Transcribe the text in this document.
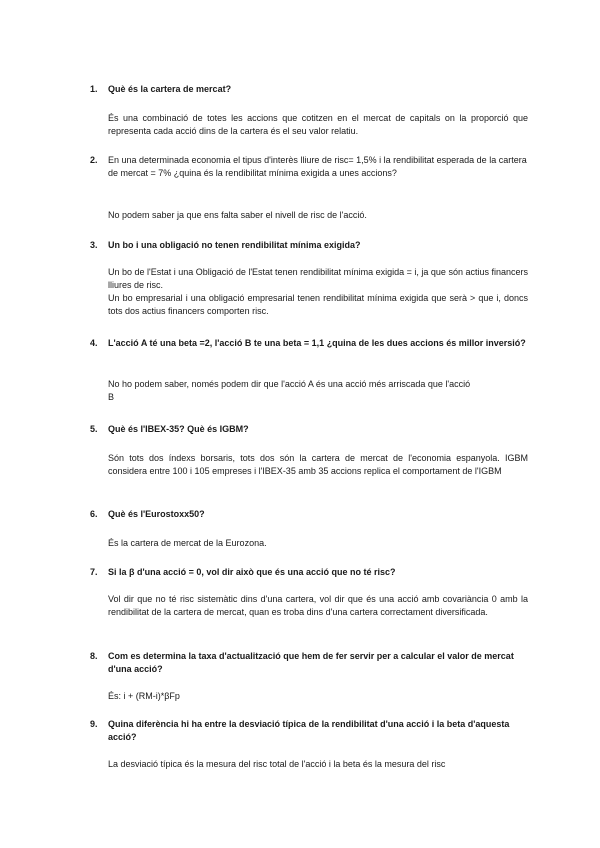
1.	Què és la cartera de mercat?

És una combinació de totes les accions que cotitzen en el mercat de capitals on la proporció que representa cada acció dins de la cartera és el seu valor relatiu.

2.	En una determinada economia el tipus d'interès lliure de risc= 1,5% i la rendibilitat esperada de la cartera de mercat = 7% ¿quina és la rendibilitat mínima exigida a unes accions?

No podem saber ja que ens falta saber el nivell de risc de l'acció.

3.	Un bo i una obligació no tenen rendibilitat mínima exigida?

Un bo de l'Estat i una Obligació de l'Estat tenen rendibilitat mínima exigida = i, ja que són actius financers lliures de risc.

Un bo empresarial i una obligació empresarial tenen rendibilitat mínima exigida que serà > que i, doncs tots dos actius financers comporten risc.

4.	L'acció A té una beta =2, l'acció B te una beta = 1,1 ¿quina de les dues accions és millor inversió?

No ho podem saber, només podem dir que l'acció A és una acció més arriscada que l'acció B

5.	Què és l'IBEX-35? Què és IGBM?

Són tots dos índexs borsaris, tots dos són la cartera de mercat de l'economia espanyola. IGBM considera entre 100 i 105 empreses i l'IBEX-35 amb 35 accions replica el comportament de l'IGBM

6.	Què és l'Eurostoxx50?

És la cartera de mercat de la Eurozona.

7.	Si la β d'una acció = 0, vol dir això que és una acció que no té risc?

Vol dir que no té risc sistemàtic dins d'una cartera, vol dir que és una acció amb covariància 0 amb la rendibilitat de la cartera de mercat, quan es troba dins d'una cartera correctament diversificada.

8.	Com es determina la taxa d'actualització que hem de fer servir per a calcular el valor de mercat d'una acció?

És: i + (RM-i)*βFp

9.	Quina diferència hi ha entre la desviació típica de la rendibilitat d'una acció i la beta d'aquesta acció?

La desviació típica és la mesura del risc total de l'acció i la beta és la mesura del risc
